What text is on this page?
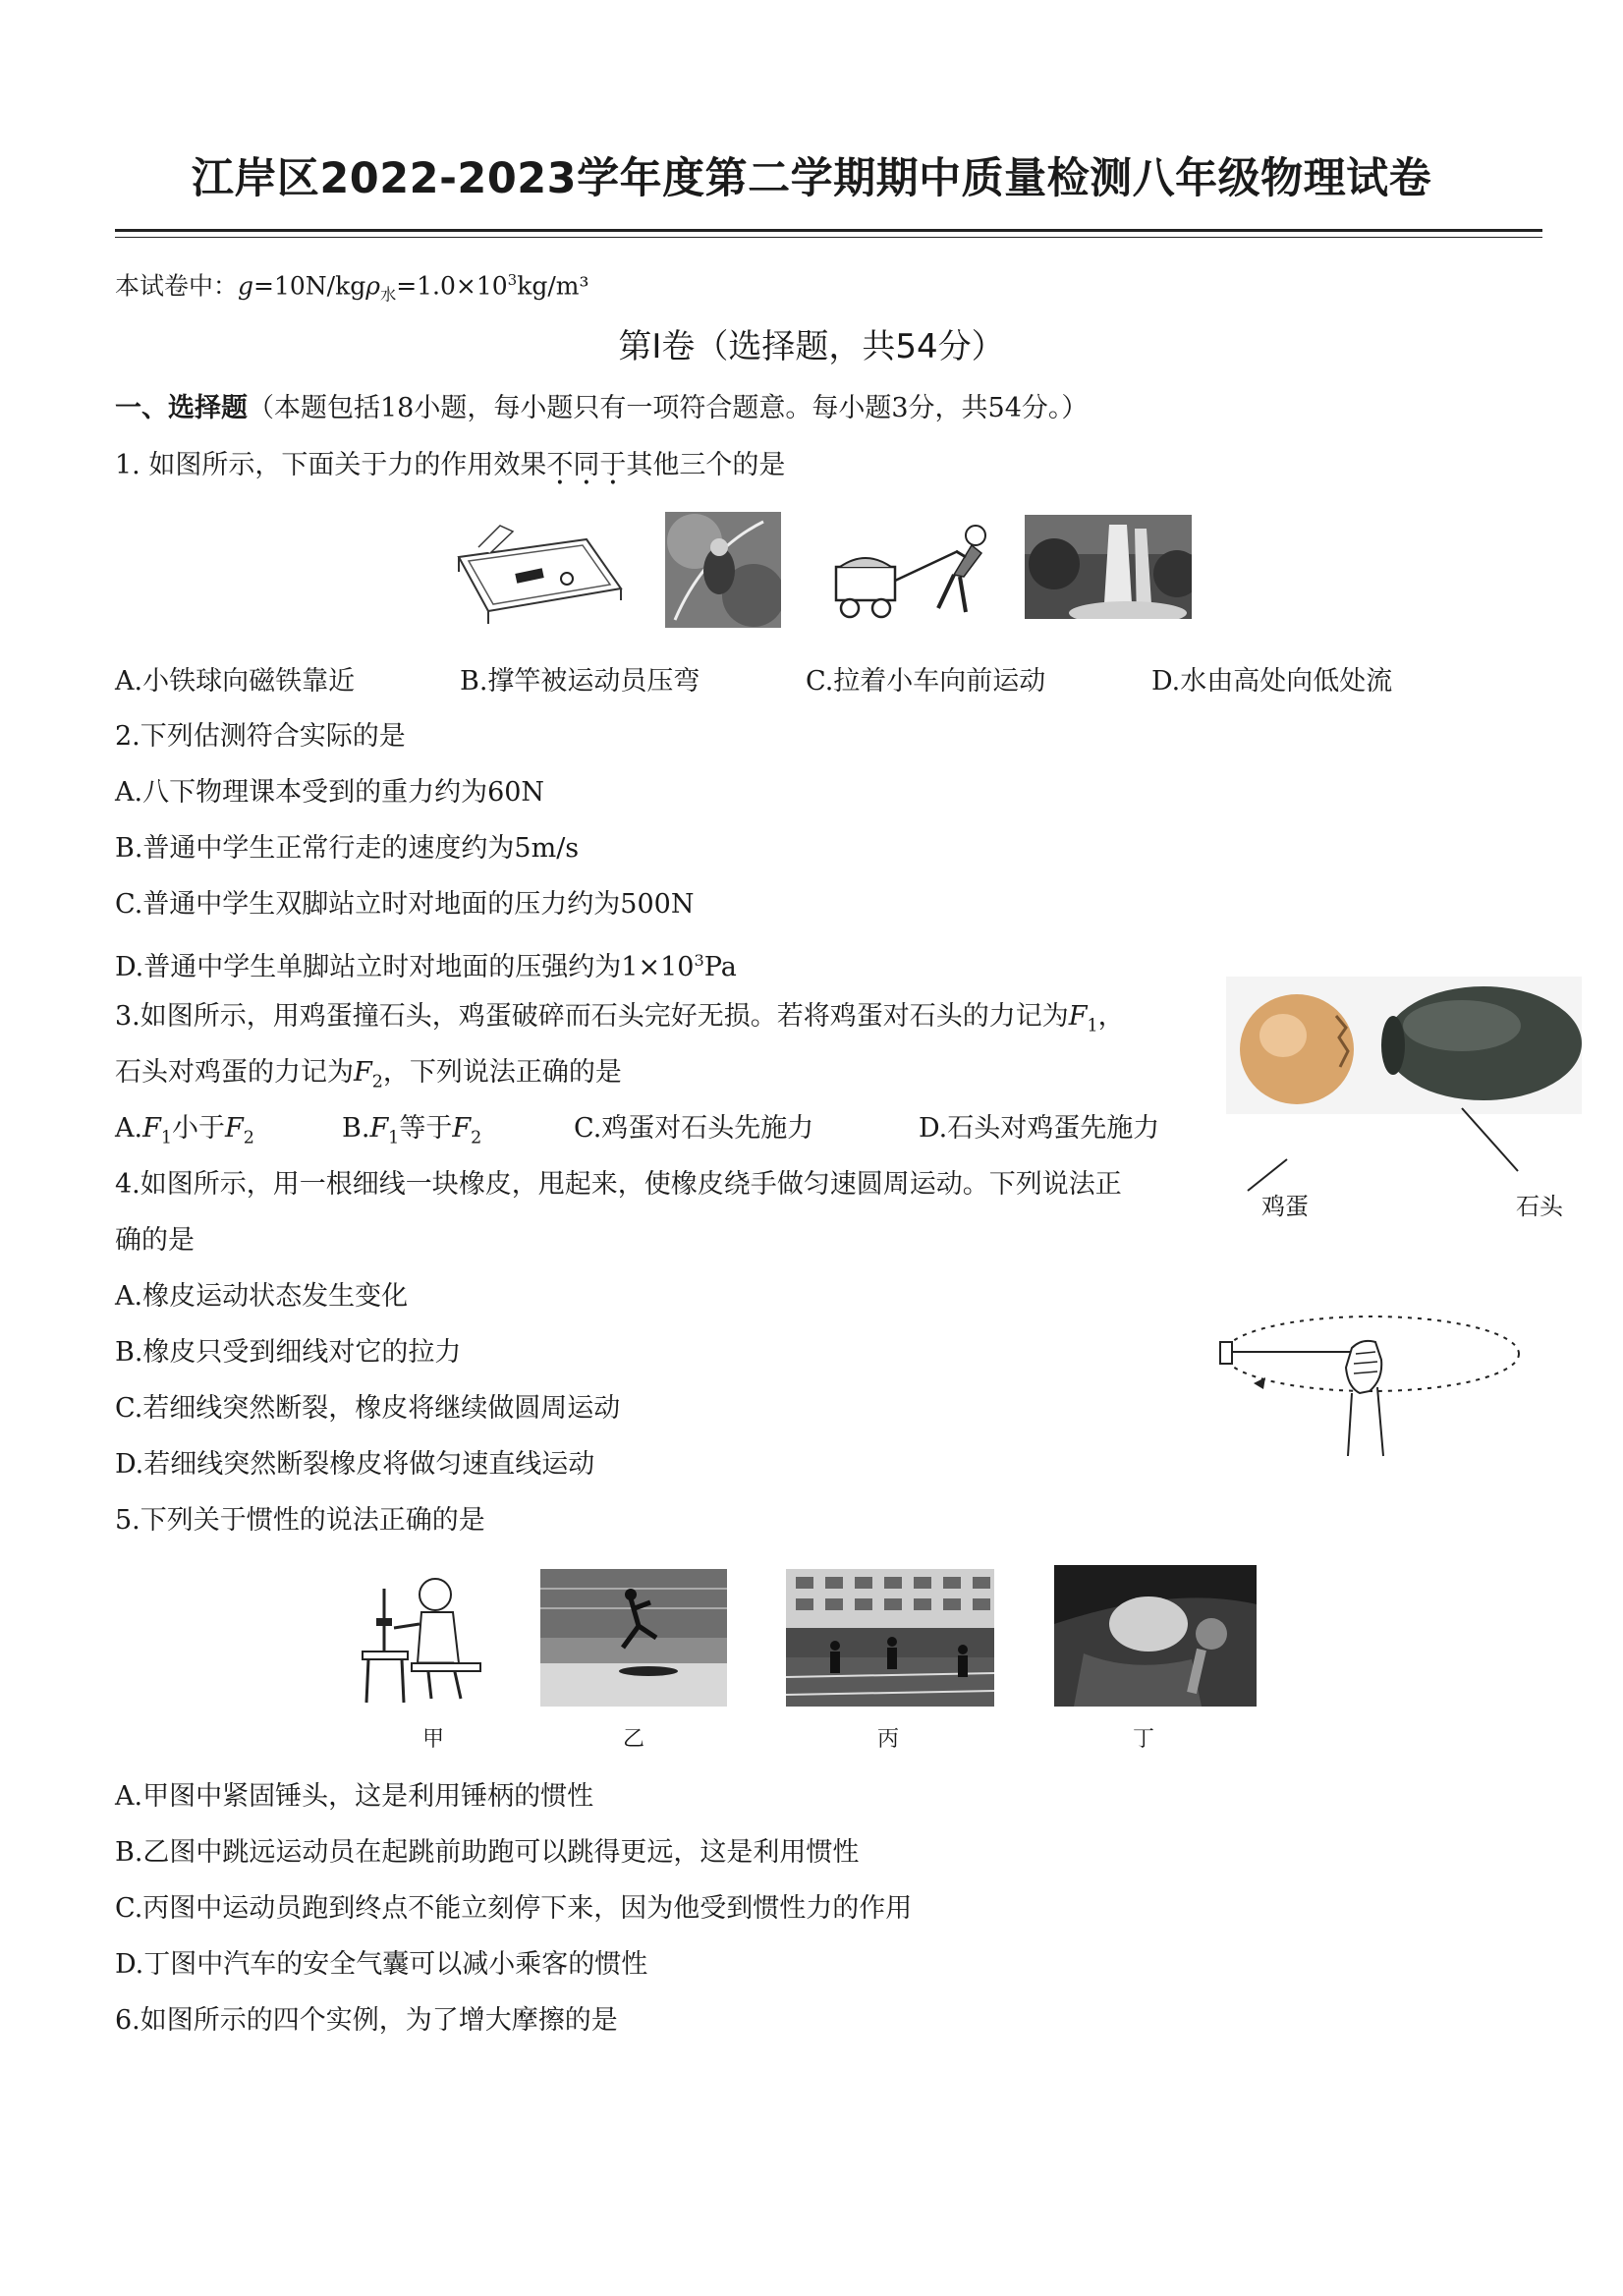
江岸区2022-2023学年度第二学期期中质量检测八年级物理试卷
本试卷中：$g=10N/kg\rho_水=1.0\times 10^3kg/m^3$
第Ⅰ卷（选择题，共54分）
一、选择题（本题包括18小题，每小题只有一项符合题意。每小题3分，共54分。）
1. 如图所示，下面关于力的作用效果不同于其他三个的是
A.小铁球向磁铁靠近	B.撑竿被运动员压弯	C.拉着小车向前运动	D.水由高处向低处流
2.下列估测符合实际的是
A.八下物理课本受到的重力约为60N
B.普通中学生正常行走的速度约为5m/s
C.普通中学生双脚站立时对地面的压力约为500N
D.普通中学生单脚站立时对地面的压强约为$1\times 10^3Pa$
3.如图所示，用鸡蛋撞石头，鸡蛋破碎而石头完好无损。若将鸡蛋对石头的力记为$F_1$，
石头对鸡蛋的力记为$F_2$，下列说法正确的是
$A.F_1$小于$F_2$	$B.F_1$等于$F_2$	C.鸡蛋对石头先施力	D.石头对鸡蛋先施力
鸡蛋	石头
4.如图所示，用一根细线一块橡皮，甩起来，使橡皮绕手做匀速圆周运动。下列说法正
确的是
A.橡皮运动状态发生变化
B.橡皮只受到细线对它的拉力
C.若细线突然断裂，橡皮将继续做圆周运动
D.若细线突然断裂橡皮将做匀速直线运动
5.下列关于惯性的说法正确的是
甲	乙	丙	丁
A.甲图中紧固锤头，这是利用锤柄的惯性
B.乙图中跳远运动员在起跳前助跑可以跳得更远，这是利用惯性
C.丙图中运动员跑到终点不能立刻停下来，因为他受到惯性力的作用
D.丁图中汽车的安全气囊可以减小乘客的惯性
6.如图所示的四个实例，为了增大摩擦的是
